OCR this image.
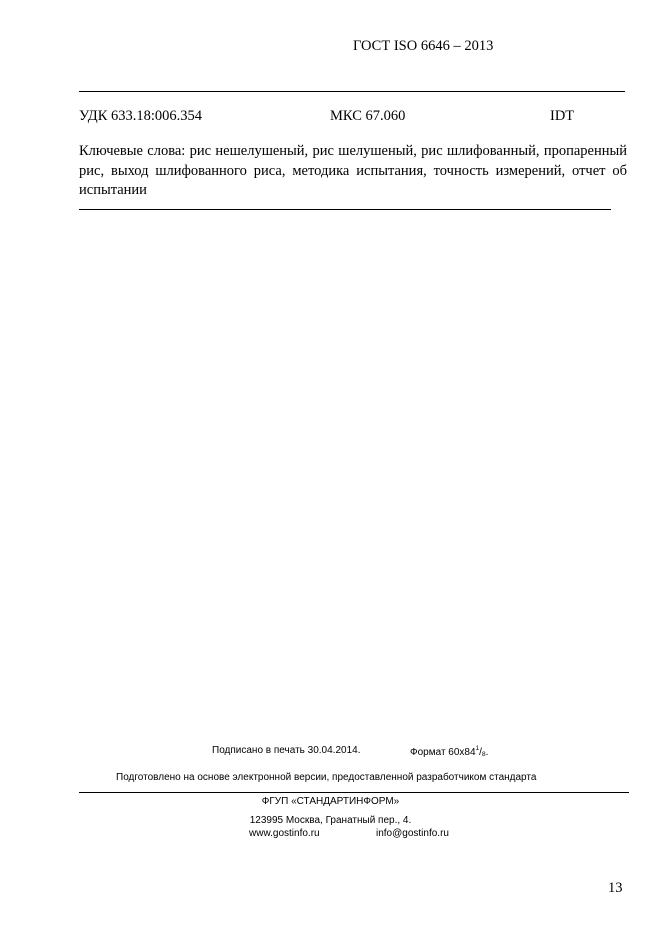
ГОСТ ISO 6646 – 2013
УДК 633.18:006.354	МКС 67.060	IDT
Ключевые слова: рис нешелушеный, рис шелушеный, рис шлифованный, пропаренный рис, выход шлифованного риса, методика испытания, точность измерений, отчет об испытании
Подписано в печать 30.04.2014.	Формат $60x84^1/_8$.
Подготовлено на основе электронной версии, предоставленной разработчиком стандарта
ФГУП «СТАНДАРТИНФОРМ»
123995 Москва, Гранатный пер., 4.
www.gostinfo.ru	info@gostinfo.ru
13
